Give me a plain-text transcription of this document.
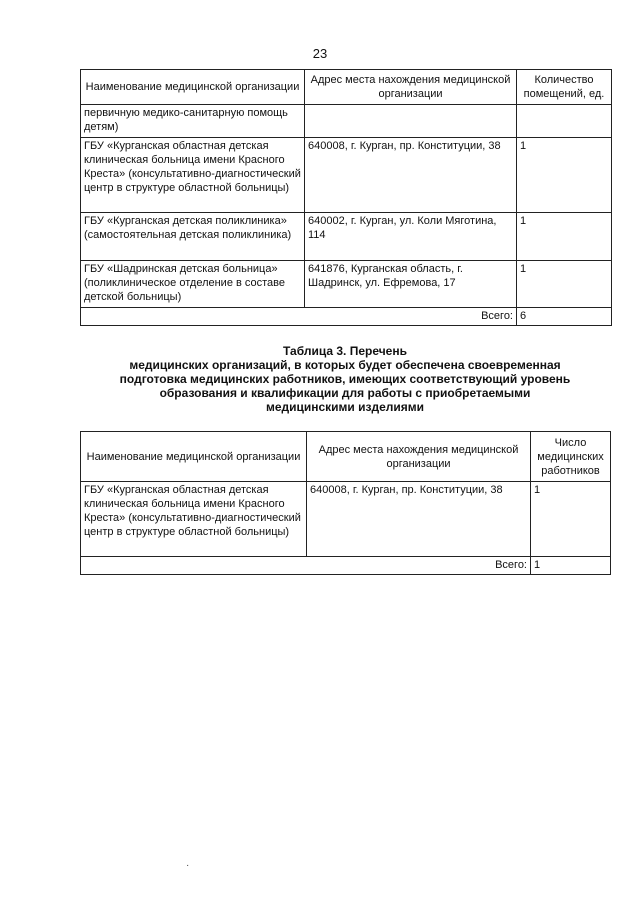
23
Наименование медицинской организации	Адрес места нахождения медицинской организации	Количество помещений, ед.
первичную медико-санитарную помощь детям)		
ГБУ «Курганская областная детская клиническая больница имени Красного Креста» (консультативно-диагностический центр в структуре областной больницы)	640008, г. Курган, пр. Конституции, 38	1
ГБУ «Курганская детская поликлиника» (самостоятельная детская поликлиника)	640002, г. Курган, ул. Коли Мяготина, 114	1
ГБУ «Шадринская детская больница» (поликлиническое отделение в составе детской больницы)	641876, Курганская область, г. Шадринск, ул. Ефремова, 17	1
Всего:		6
Таблица 3. Перечень
медицинских организаций, в которых будет обеспечена своевременная
подготовка медицинских работников, имеющих соответствующий уровень
образования и квалификации для работы с приобретаемыми
медицинскими изделиями
Наименование медицинской организации	Адрес места нахождения медицинской организации	Число медицинских работников
ГБУ «Курганская областная детская клиническая больница имени Красного Креста» (консультативно-диагностический центр в структуре областной больницы)	640008, г. Курган, пр. Конституции, 38	1
Всего:		1
·
